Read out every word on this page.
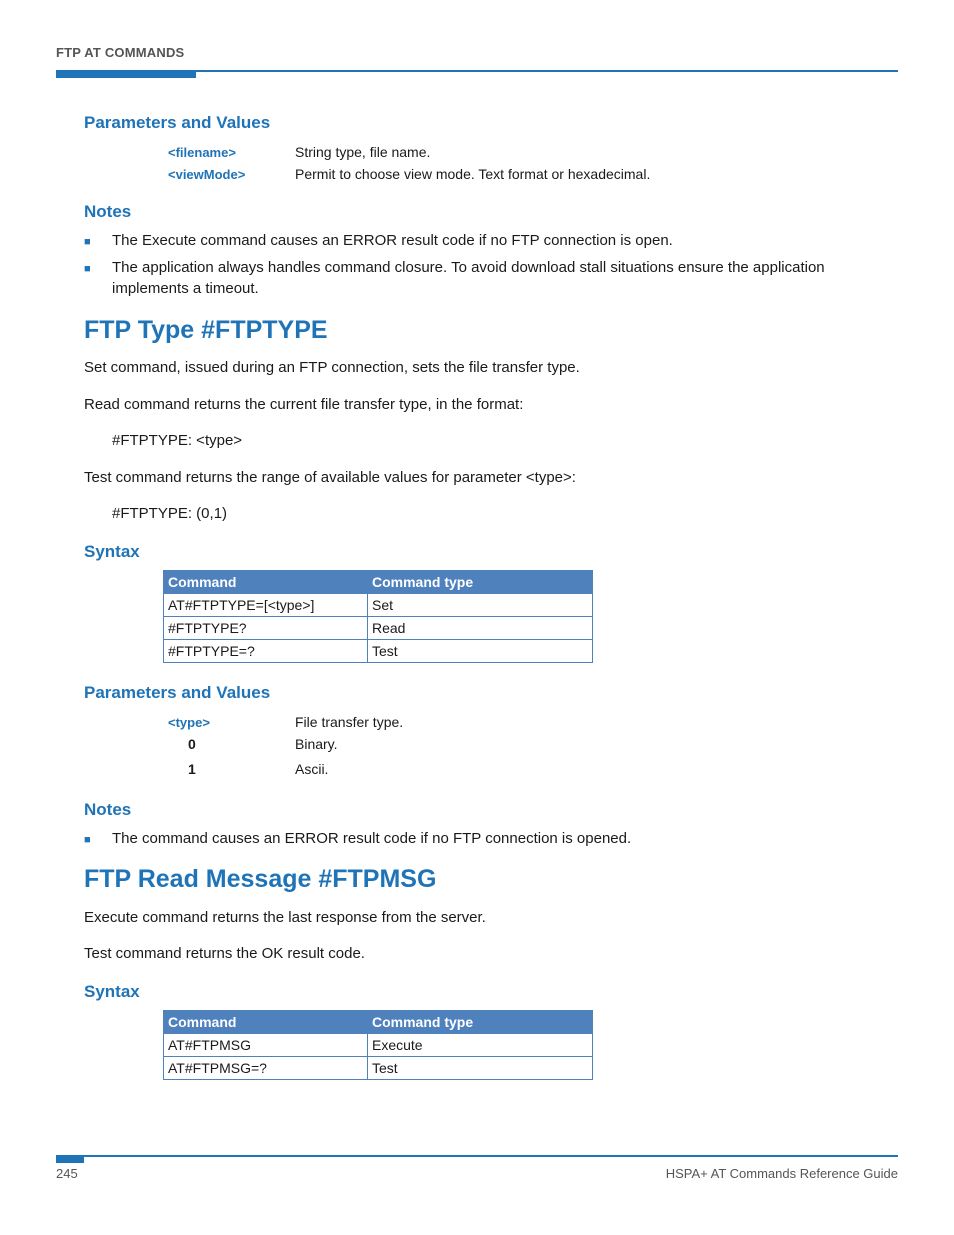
FTP AT COMMANDS
Parameters and Values
<filename>	String type, file name.
<viewMode>	Permit to choose view mode. Text format or hexadecimal.
Notes
■ The Execute command causes an ERROR result code if no FTP connection is open.
■ The application always handles command closure. To avoid download stall situations ensure the application implements a timeout.
FTP Type #FTPTYPE
Set command, issued during an FTP connection, sets the file transfer type.
Read command returns the current file transfer type, in the format:
#FTPTYPE: <type>
Test command returns the range of available values for parameter <type>:
#FTPTYPE: (0,1)
Syntax
Command	Command type
AT#FTPTYPE=[<type>]	Set
#FTPTYPE?	Read
#FTPTYPE=?	Test
Parameters and Values
<type>	File transfer type.
0	Binary.
1	Ascii.
Notes
■ The command causes an ERROR result code if no FTP connection is opened.
FTP Read Message #FTPMSG
Execute command returns the last response from the server.
Test command returns the OK result code.
Syntax
Command	Command type
AT#FTPMSG	Execute
AT#FTPMSG=?	Test
245	HSPA+ AT Commands Reference Guide
